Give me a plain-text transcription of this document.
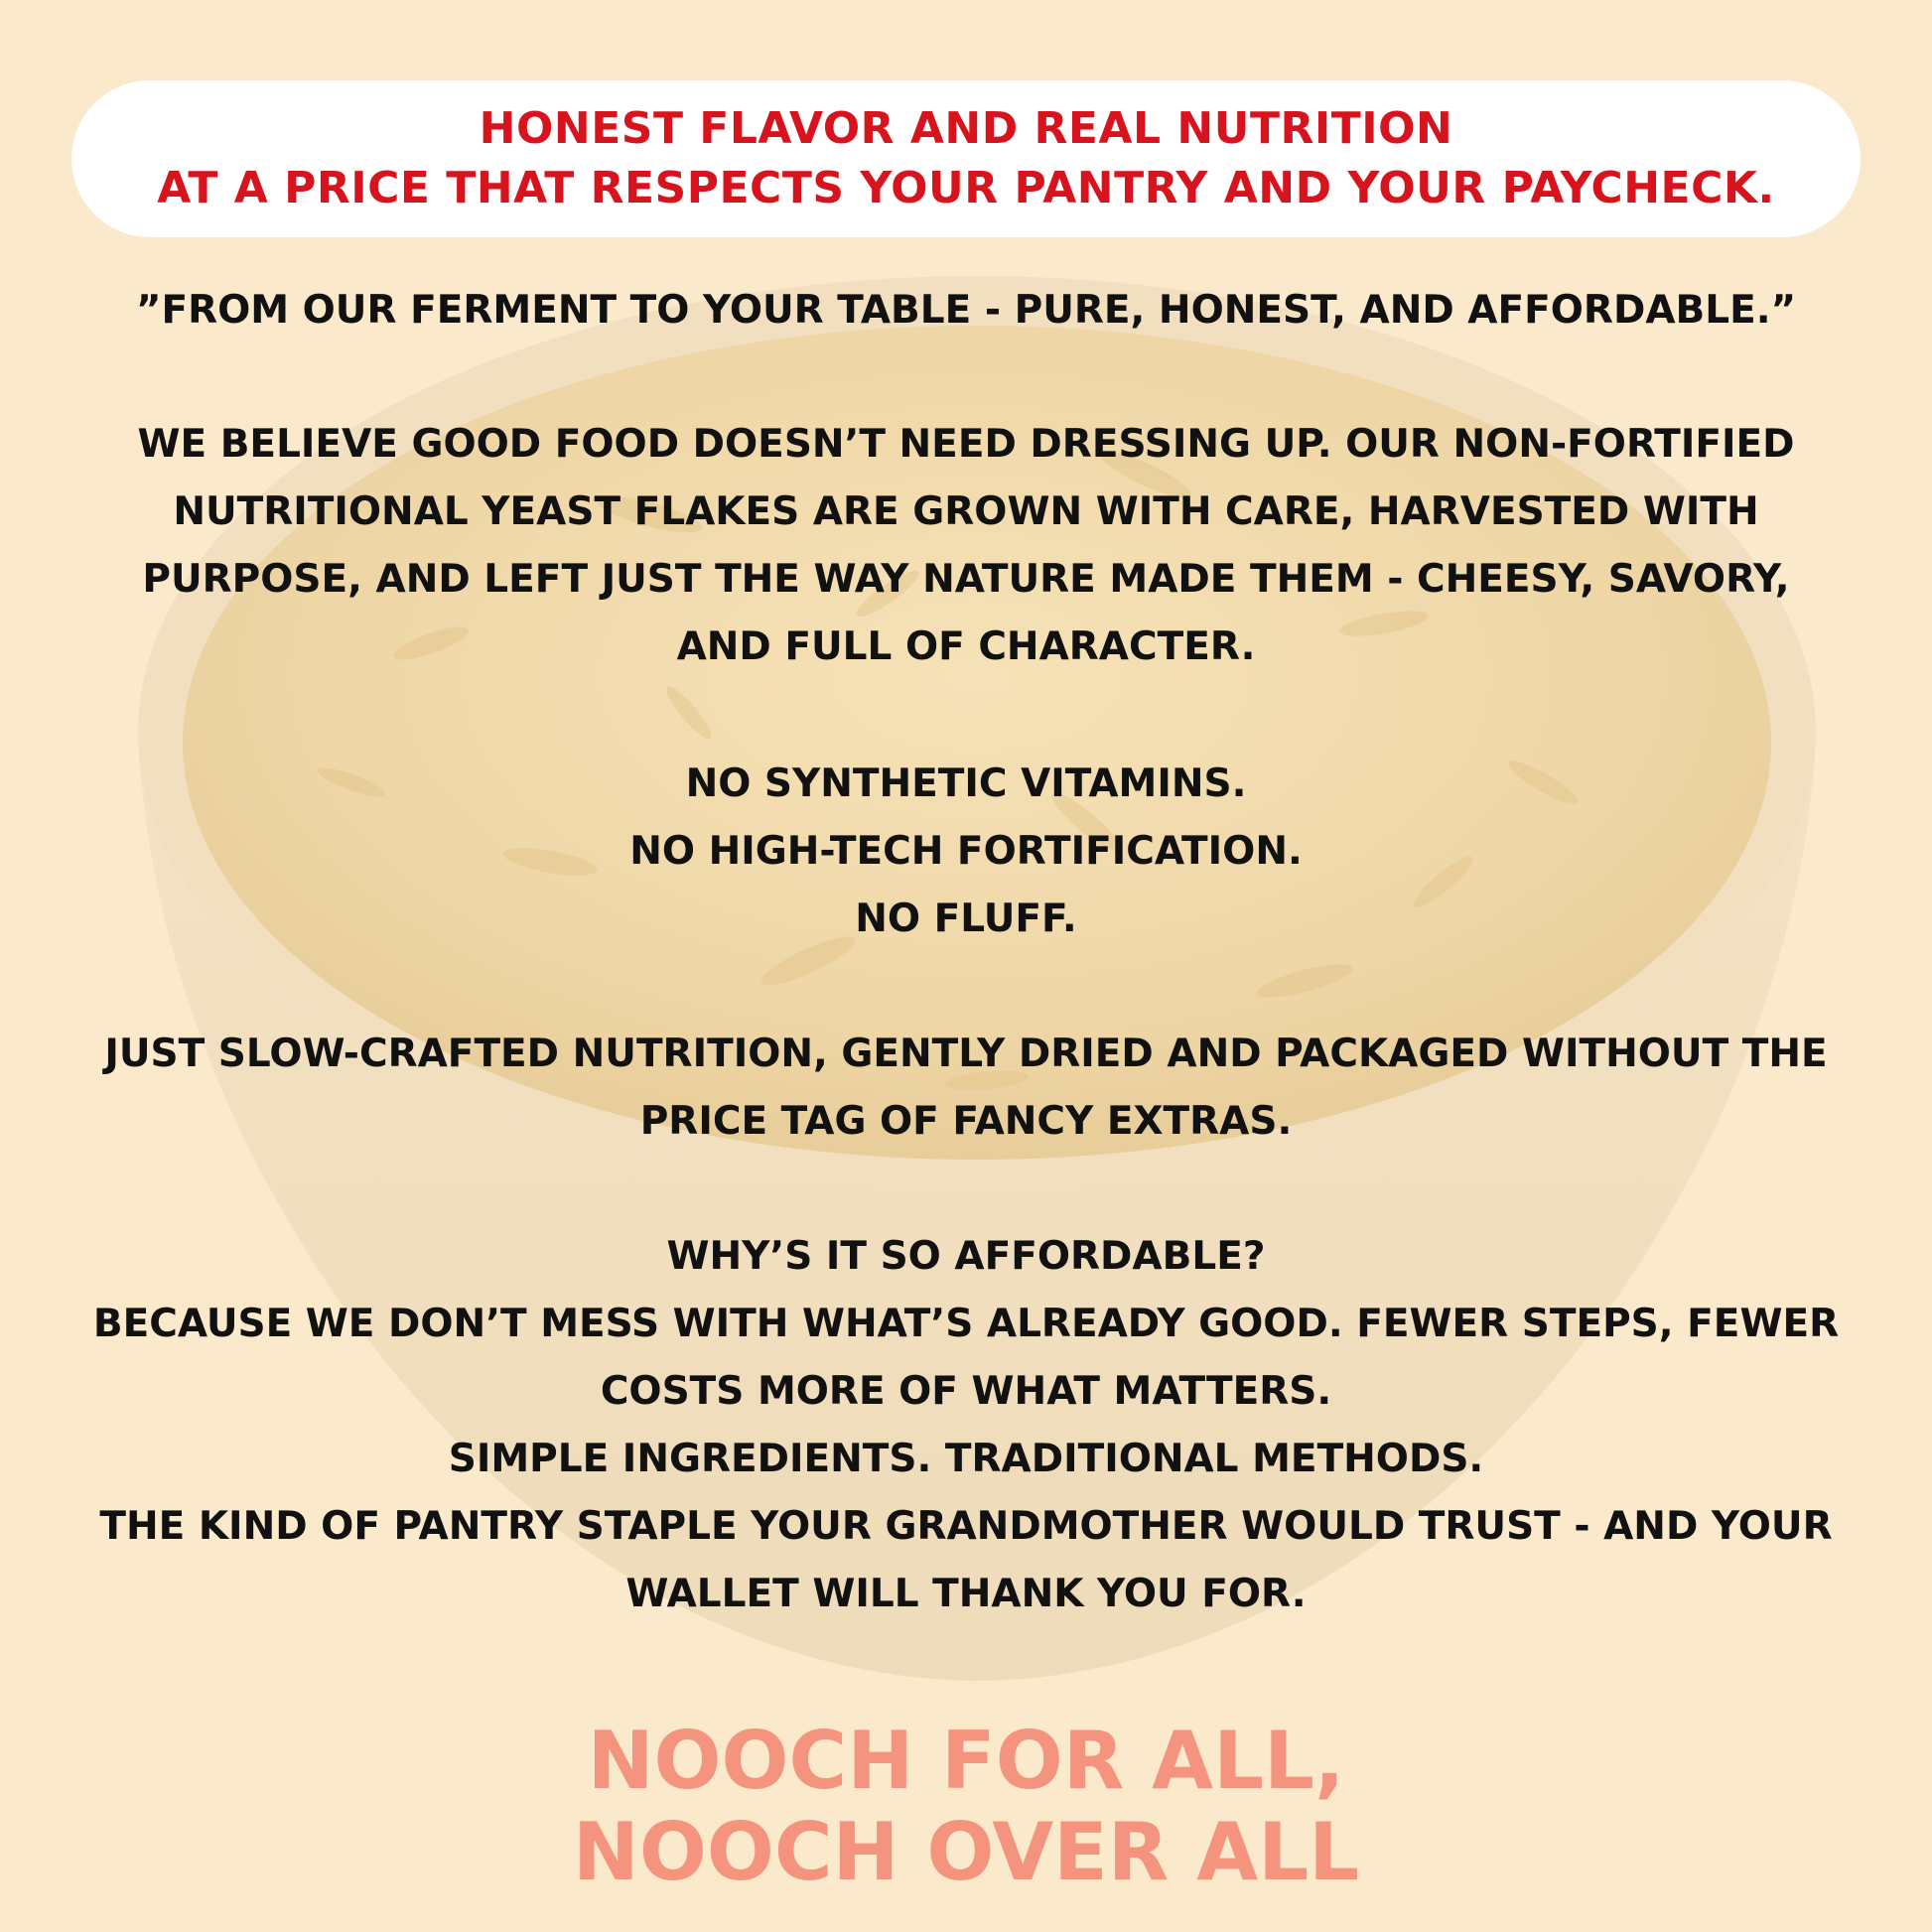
HONEST FLAVOR AND REAL NUTRITION
AT A PRICE THAT RESPECTS YOUR PANTRY AND YOUR PAYCHECK.
”FROM OUR FERMENT TO YOUR TABLE - PURE, HONEST, AND AFFORDABLE.”
WE BELIEVE GOOD FOOD DOESN’T NEED DRESSING UP. OUR NON-FORTIFIED
NUTRITIONAL YEAST FLAKES ARE GROWN WITH CARE, HARVESTED WITH
PURPOSE, AND LEFT JUST THE WAY NATURE MADE THEM - CHEESY, SAVORY,
AND FULL OF CHARACTER.
NO SYNTHETIC VITAMINS.
NO HIGH-TECH FORTIFICATION.
NO FLUFF.
JUST SLOW-CRAFTED NUTRITION, GENTLY DRIED AND PACKAGED WITHOUT THE
PRICE TAG OF FANCY EXTRAS.
WHY’S IT SO AFFORDABLE?
BECAUSE WE DON’T MESS WITH WHAT’S ALREADY GOOD. FEWER STEPS, FEWER
COSTS MORE OF WHAT MATTERS.
SIMPLE INGREDIENTS. TRADITIONAL METHODS.
THE KIND OF PANTRY STAPLE YOUR GRANDMOTHER WOULD TRUST - AND YOUR
WALLET WILL THANK YOU FOR.
NOOCH FOR ALL,
NOOCH OVER ALL
